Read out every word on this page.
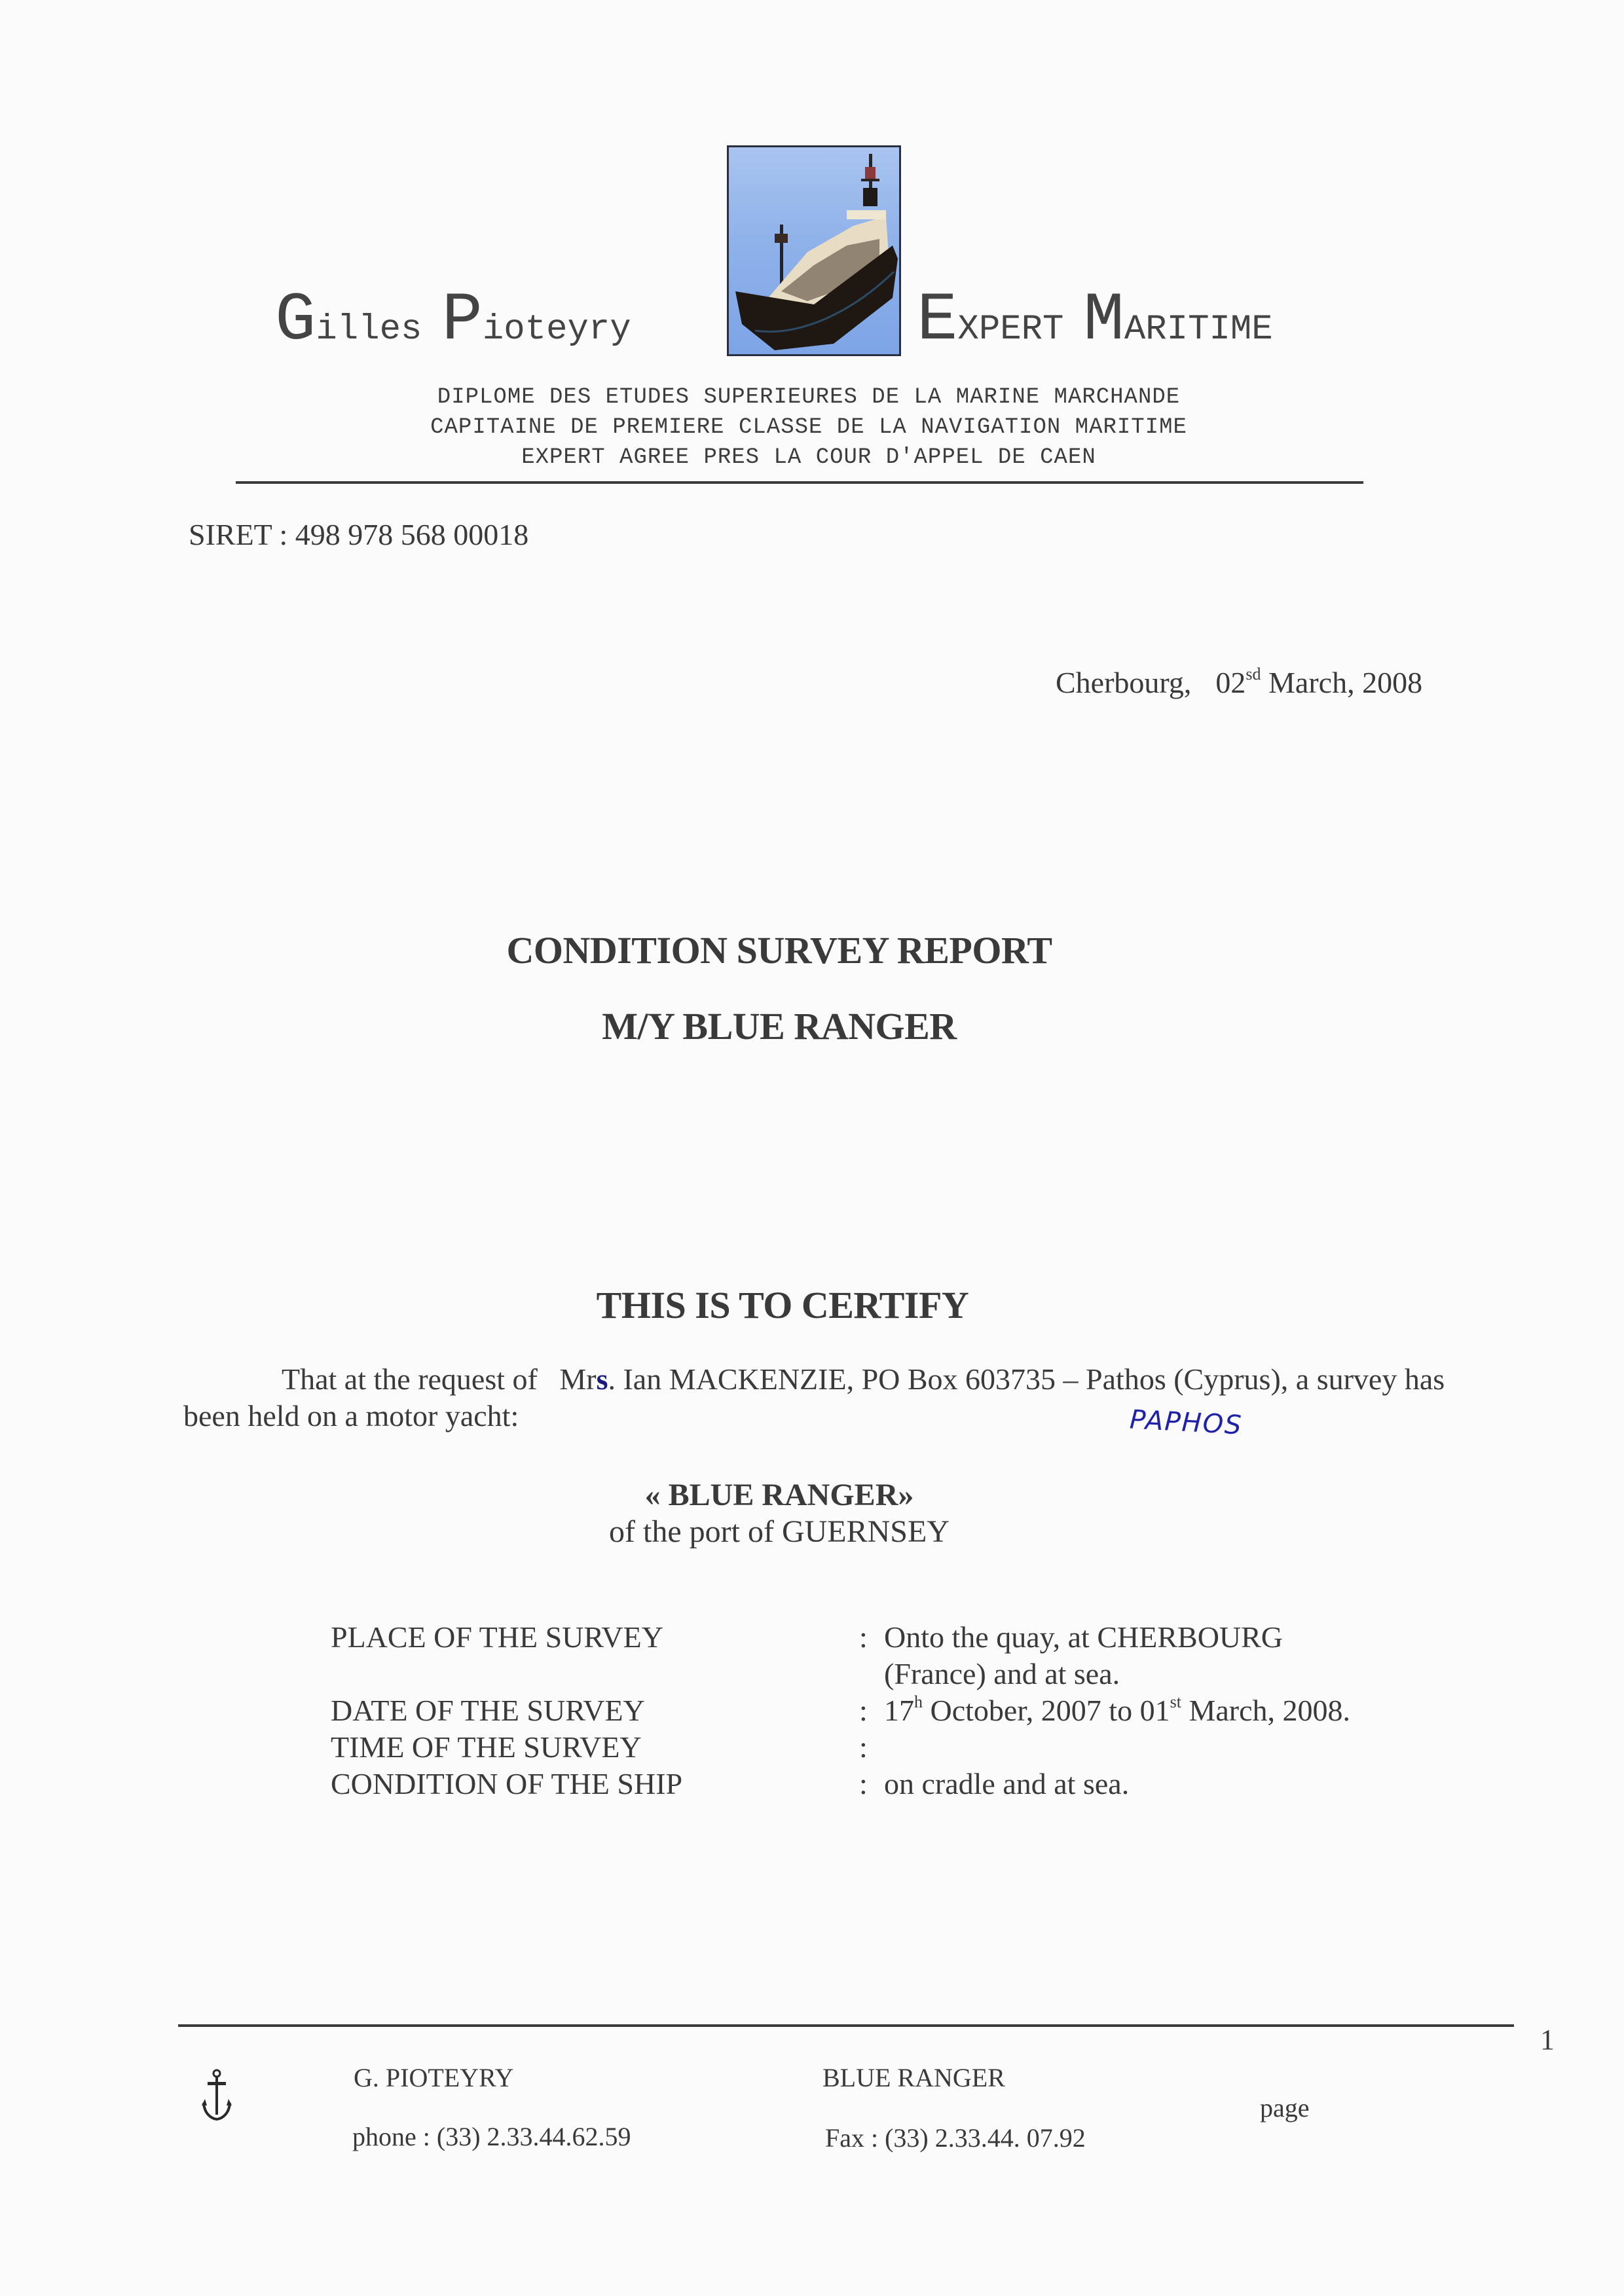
Gilles Pioteyry	EXPERT MARITIME
DIPLOME DES ETUDES SUPERIEURES DE LA MARINE MARCHANDE
CAPITAINE DE PREMIERE CLASSE DE LA NAVIGATION MARITIME
EXPERT AGREE PRES LA COUR D'APPEL DE CAEN
SIRET : 498 978 568 00018
Cherbourg, $02^{sd}$ March, 2008
CONDITION SURVEY REPORT
M/Y BLUE RANGER
THIS IS TO CERTIFY
That at the request of Mrs. Ian MACKENZIE, PO Box 603735 – Pathos (Cyprus), a survey has
been held on a motor yacht:	PAPHOS
« BLUE RANGER»
of the port of GUERNSEY
PLACE OF THE SURVEY	: Onto the quay, at CHERBOURG
(France) and at sea.
DATE OF THE SURVEY	: 17$^h$ October, 2007 to 01st March, 2008.
TIME OF THE SURVEY	:
CONDITION OF THE SHIP	: on cradle and at sea.
1
G. PIOTEYRY
phone : (33) 2.33.44.62.59
BLUE RANGER
Fax : (33) 2.33.44. 07.92
page
